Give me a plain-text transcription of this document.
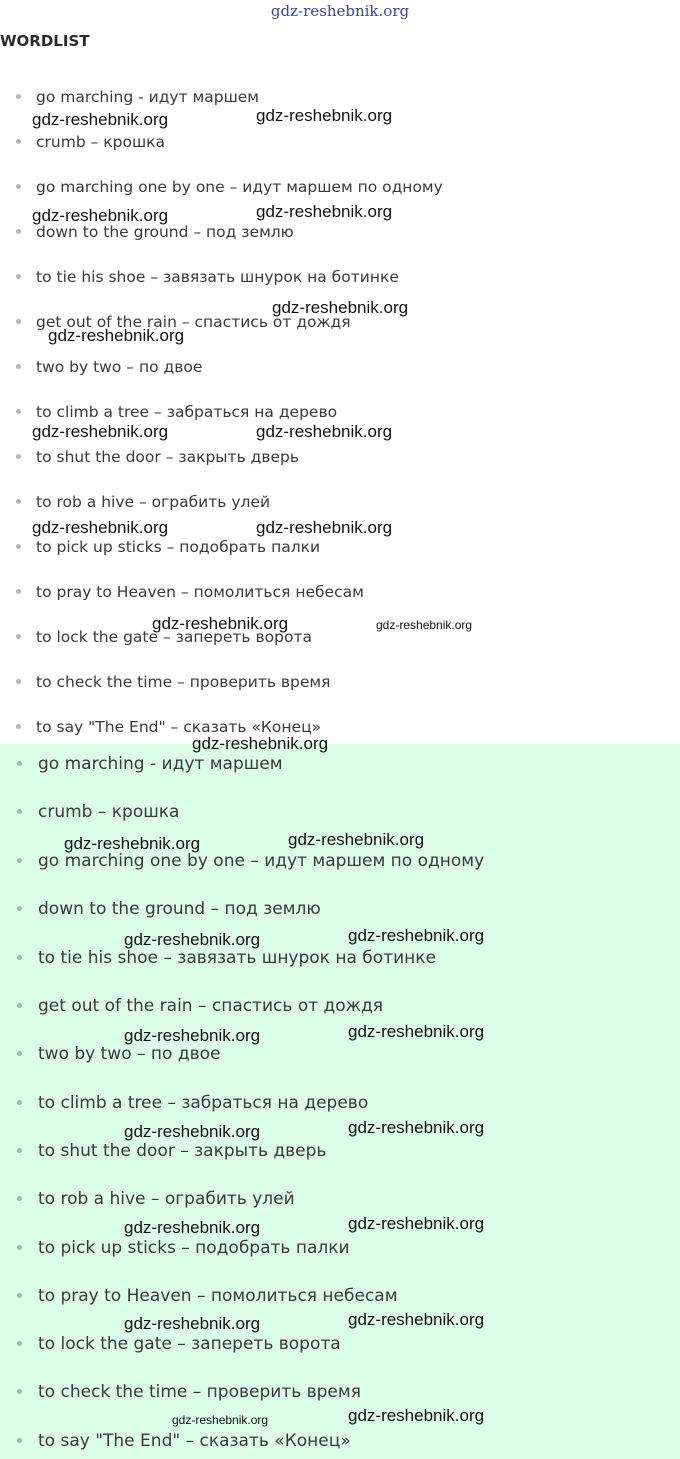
gdz-reshebnik.org
WORDLIST
go marching - идут маршем
crumb – крошка
go marching one by one – идут маршем по одному
down to the ground – под землю
to tie his shoe – завязать шнурок на ботинке
get out of the rain – спастись от дождя
two by two – по двое
to climb a tree – забраться на дерево
to shut the door – закрыть дверь
to rob a hive – ограбить улей
to pick up sticks – подобрать палки
to pray to Heaven – помолиться небесам
to lock the gate – запереть ворота
to check the time – проверить время
to say "The End" – сказать «Конец»
go marching - идут маршем
crumb – крошка
go marching one by one – идут маршем по одному
down to the ground – под землю
to tie his shoe – завязать шнурок на ботинке
get out of the rain – спастись от дождя
two by two – по двое
to climb a tree – забраться на дерево
to shut the door – закрыть дверь
to rob a hive – ограбить улей
to pick up sticks – подобрать палки
to pray to Heaven – помолиться небесам
to lock the gate – запереть ворота
to check the time – проверить время
to say "The End" – сказать «Конец»
gdz-reshebnik.org	gdz-reshebnik.org
gdz-reshebnik.org	gdz-reshebnik.org
gdz-reshebnik.org
gdz-reshebnik.org
gdz-reshebnik.org	gdz-reshebnik.org
gdz-reshebnik.org	gdz-reshebnik.org
gdz-reshebnik.org	gdz-reshebnik.org
gdz-reshebnik.org
gdz-reshebnik.org	gdz-reshebnik.org
gdz-reshebnik.org	gdz-reshebnik.org
gdz-reshebnik.org	gdz-reshebnik.org
gdz-reshebnik.org	gdz-reshebnik.org
gdz-reshebnik.org	gdz-reshebnik.org
gdz-reshebnik.org	gdz-reshebnik.org
gdz-reshebnik.org	gdz-reshebnik.org
